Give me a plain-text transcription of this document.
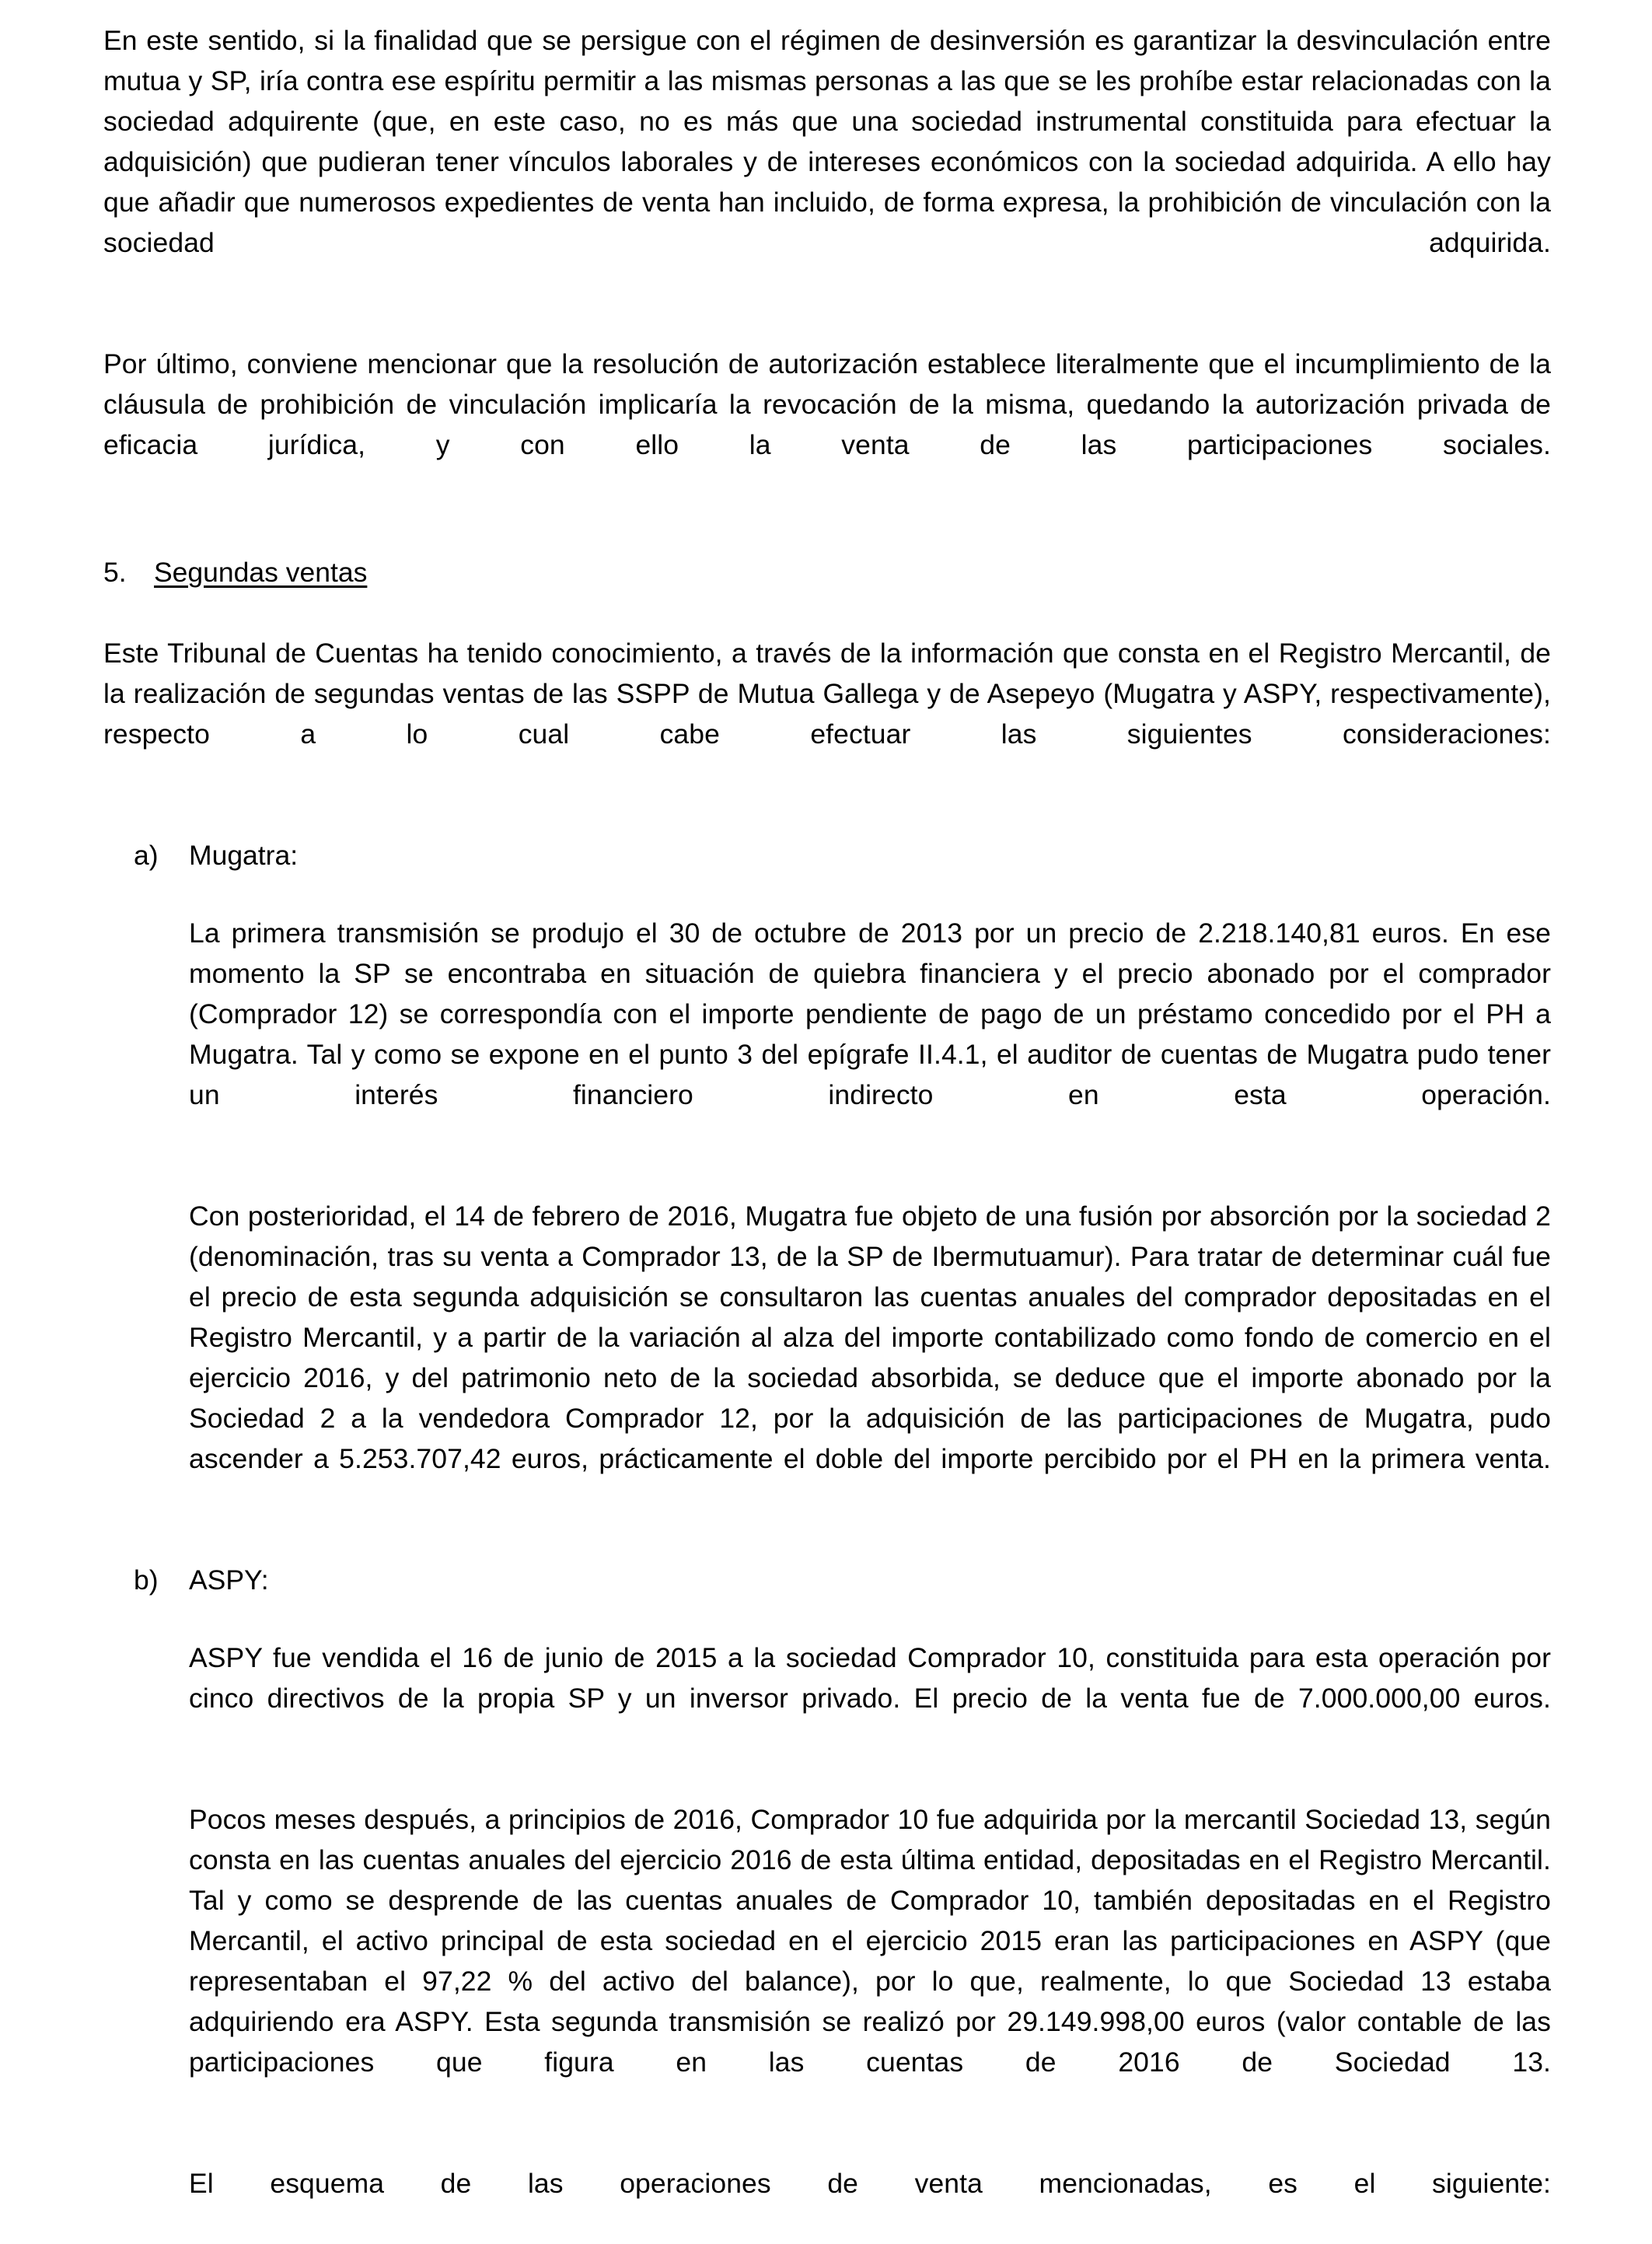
En este sentido, si la finalidad que se persigue con el régimen de desinversión es garantizar la desvinculación entre mutua y SP, iría contra ese espíritu permitir a las mismas personas a las que se les prohíbe estar relacionadas con la sociedad adquirente (que, en este caso, no es más que una sociedad instrumental constituida para efectuar la adquisición) que pudieran tener vínculos laborales y de intereses económicos con la sociedad adquirida. A ello hay que añadir que numerosos expedientes de venta han incluido, de forma expresa, la prohibición de vinculación con la sociedad adquirida.

Por último, conviene mencionar que la resolución de autorización establece literalmente que el incumplimiento de la cláusula de prohibición de vinculación implicaría la revocación de la misma, quedando la autorización privada de eficacia jurídica, y con ello la venta de las participaciones sociales.

5. Segundas ventas

Este Tribunal de Cuentas ha tenido conocimiento, a través de la información que consta en el Registro Mercantil, de la realización de segundas ventas de las SSPP de Mutua Gallega y de Asepeyo (Mugatra y ASPY, respectivamente), respecto a lo cual cabe efectuar las siguientes consideraciones:

a)	Mugatra:

La primera transmisión se produjo el 30 de octubre de 2013 por un precio de 2.218.140,81 euros. En ese momento la SP se encontraba en situación de quiebra financiera y el precio abonado por el comprador (Comprador 12) se correspondía con el importe pendiente de pago de un préstamo concedido por el PH a Mugatra. Tal y como se expone en el punto 3 del epígrafe II.4.1, el auditor de cuentas de Mugatra pudo tener un interés financiero indirecto en esta operación.

Con posterioridad, el 14 de febrero de 2016, Mugatra fue objeto de una fusión por absorción por la sociedad 2 (denominación, tras su venta a Comprador 13, de la SP de Ibermutuamur). Para tratar de determinar cuál fue el precio de esta segunda adquisición se consultaron las cuentas anuales del comprador depositadas en el Registro Mercantil, y a partir de la variación al alza del importe contabilizado como fondo de comercio en el ejercicio 2016, y del patrimonio neto de la sociedad absorbida, se deduce que el importe abonado por la Sociedad 2 a la vendedora Comprador 12, por la adquisición de las participaciones de Mugatra, pudo ascender a 5.253.707,42 euros, prácticamente el doble del importe percibido por el PH en la primera venta.

b)	ASPY:

ASPY fue vendida el 16 de junio de 2015 a la sociedad Comprador 10, constituida para esta operación por cinco directivos de la propia SP y un inversor privado. El precio de la venta fue de 7.000.000,00 euros.

Pocos meses después, a principios de 2016, Comprador 10 fue adquirida por la mercantil Sociedad 13, según consta en las cuentas anuales del ejercicio 2016 de esta última entidad, depositadas en el Registro Mercantil. Tal y como se desprende de las cuentas anuales de Comprador 10, también depositadas en el Registro Mercantil, el activo principal de esta sociedad en el ejercicio 2015 eran las participaciones en ASPY (que representaban el 97,22 % del activo del balance), por lo que, realmente, lo que Sociedad 13 estaba adquiriendo era ASPY. Esta segunda transmisión se realizó por 29.149.998,00 euros (valor contable de las participaciones que figura en las cuentas de 2016 de Sociedad 13.

El esquema de las operaciones de venta mencionadas, es el siguiente:
